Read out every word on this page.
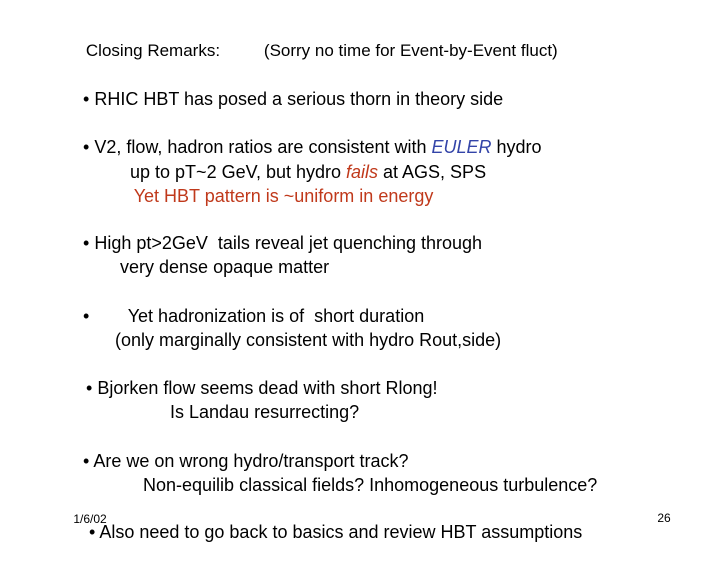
Closing Remarks:
	(Sorry no time for Event-by-Event fluct)

• RHIC HBT has posed a serious thorn in theory side

• V2, flow, hadron ratios are consistent with EULER hydro

up to pT~2 GeV, but hydro fails at AGS, SPS

Yet HBT pattern is ~uniform in energy

• High pt>2GeV  tails reveal jet quenching through

very dense opaque matter

•
	Yet hadronization is of  short duration

(only marginally consistent with hydro Rout,side)

• Bjorken flow seems dead with short Rlong!

Is Landau resurrecting?

• Are we on wrong hydro/transport track?

Non-equilib classical fields? Inhomogeneous turbulence?

• Also need to go back to basics and review HBT assumptions

1/6/02
	26
